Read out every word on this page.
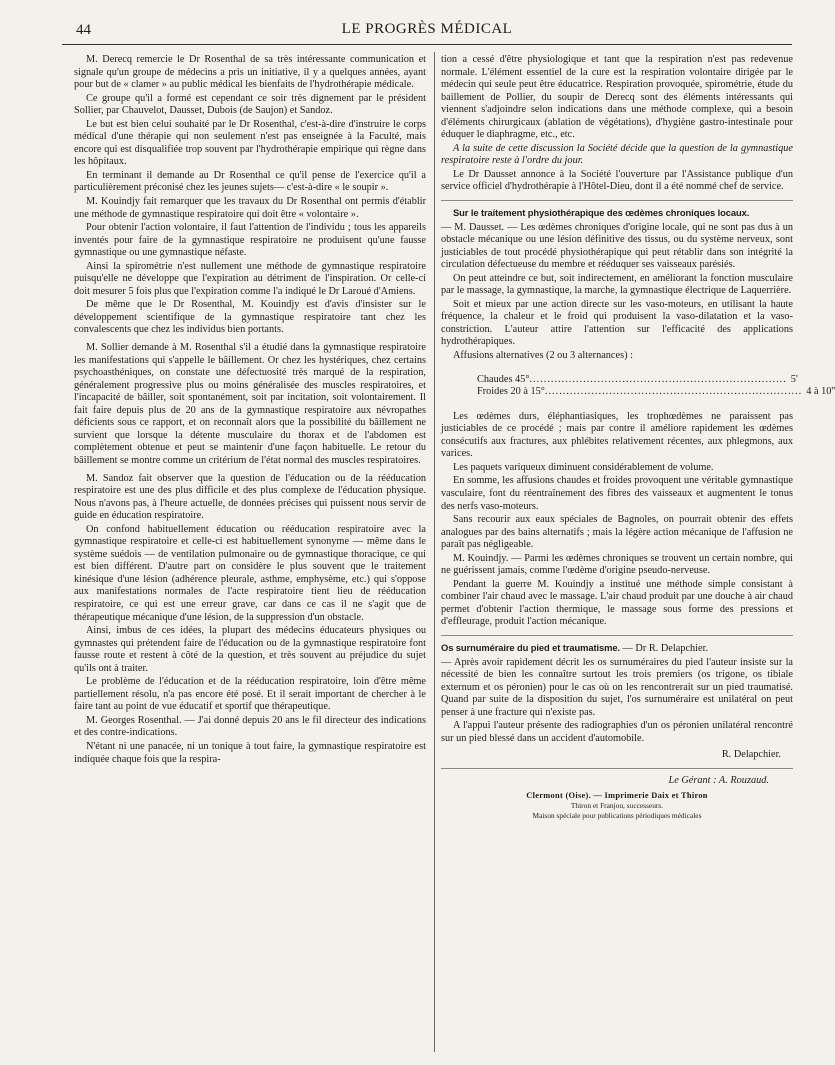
44	LE PROGRÈS MÉDICAL

M. Derecq remercie le Dr Rosenthal de sa très intéressante communication et signale qu'un groupe de médecins a pris un initiative, il y a quelques années, ayant pour but de « clamer » au public médical les bienfaits de l'hydrothérapie médicale.

Ce groupe qu'il a formé est cependant ce soir très dignement par le président Sollier, par Chauvelot, Dausset, Dubois (de Saujon) et Sandoz.

Le but est bien celui souhaité par le Dr Rosenthal, c'est-à-dire d'instruire le corps médical d'une thérapie qui non seulement n'est pas enseignée à la Faculté, mais encore qui est disqualifiée trop souvent par l'hydrothérapie empirique qui règne dans les hôpitaux.

En terminant il demande au Dr Rosenthal ce qu'il pense de l'exercice qu'il a particulièrement préconisé chez les jeunes sujets— c'est-à-dire « le soupir ».

M. Kouindjy fait remarquer que les travaux du Dr Rosenthal ont permis d'établir une méthode de gymnastique respiratoire qui doit être « volontaire ».

Pour obtenir l'action volontaire, il faut l'attention de l'individu ; tous les appareils inventés pour faire de la gymnastique respiratoire ne produisent qu'une fausse gymnastique ou une gymnastique néfaste.

Ainsi la spirométrie n'est nullement une méthode de gymnastique respiratoire puisqu'elle ne développe que l'expiration au détriment de l'inspiration. Or celle-ci doit mesurer 5 fois plus que l'expiration comme l'a indiqué le Dr Laroué d'Amiens.

De même que le Dr Rosenthal, M. Kouindjy est d'avis d'insister sur le développement scientifique de la gymnastique respiratoire tant chez les convalescents que chez les individus bien portants.

M. Sollier demande à M. Rosenthal s'il a étudié dans la gymnastique respiratoire les manifestations qui s'appelle le bâillement. Or chez les hystériques, chez certains psychoasthéniques, on constate une défectuosité très marqué de la respiration, généralement progressive plus ou moins généralisée des muscles respiratoires, et l'incapacité de bâiller, soit spontanément, soit par incitation, soit volontairement. Il fait faire depuis plus de 20 ans de la gymnastique respiratoire aux névropathes déficients sous ce rapport, et on reconnaît alors que la possibilité du bâillement ne survient que lorsque la détente musculaire du thorax et de l'abdomen est complètement obtenue et peut se maintenir d'une façon habituelle. Le retour du bâillement se montre comme un critérium de l'état normal des muscles respiratoires.

M. Sandoz fait observer que la question de l'éducation ou de la rééducation respiratoire est une des plus difficile et des plus complexe de l'éducation physique. Nous n'avons pas, à l'heure actuelle, de données précises qui puissent nous servir de guide en éducation respiratoire.

On confond habituellement éducation ou rééducation respiratoire avec la gymnastique respiratoire et celle-ci est habituellement synonyme — même dans le système suédois — de ventilation pulmonaire ou de gymnastique thoracique, ce qui est bien différent. D'autre part on considère le plus souvent que le traitement kinésique d'une lésion (adhérence pleurale, asthme, emphysème, etc.) qui s'oppose aux manifestations normales de l'acte respiratoire tient lieu de rééducation respiratoire, ce qui est une erreur grave, car dans ce cas il ne s'agit que de thérapeutique mécanique d'une lésion, de la suppression d'un obstacle.

Ainsi, imbus de ces idées, la plupart des médecins éducateurs physiques ou gymnastes qui prétendent faire de l'éducation ou de la gymnastique respiratoire font fausse route et restent à côté de la question, et très souvent au préjudice du sujet qu'ils ont à traiter.

Le problème de l'éducation et de la rééducation respiratoire, loin d'être même partiellement résolu, n'a pas encore été posé. Et il serait important de chercher à le faire tant au point de vue éducatif et sportif que thérapeutique.

M. Georges Rosenthal. — J'ai donné depuis 20 ans le fil directeur des indications et des contre-indications.

N'étant ni une panacée, ni un tonique à tout faire, la gymnastique respiratoire est indiquée chaque fois que la respira-

tion a cessé d'être physiologique et tant que la respiration n'est pas redevenue normale. L'élément essentiel de la cure est la respiration volontaire dirigée par le médecin qui seule peut être éducatrice. Respiration provoquée, spirométrie, étude du baillement de Pollier, du soupir de Derecq sont des éléments intéressants qui viennent s'adjoindre selon indications dans une méthode complexe, qui a besoin d'éléments chirurgicaux (ablation de végétations), d'hygiène gastro-intestinale pour éduquer le diaphragme, etc., etc.

A la suite de cette discussion la Société décide que la question de la gymnastique respiratoire reste à l'ordre du jour.

Le Dr Dausset annonce à la Société l'ouverture par l'Assistance publique d'un service officiel d'hydrothérapie à l'Hôtel-Dieu, dont il a été nommé chef de service.

Sur le traitement physiothérapique des œdèmes chroniques locaux.

— M. Dausset. — Les œdèmes chroniques d'origine locale, qui ne sont pas dus à un obstacle mécanique ou une lésion définitive des tissus, ou du système nerveux, sont justiciables de tout procédé physiothérapique qui peut rétablir dans son intégrité la circulation défectueuse du membre et rééduquer ses vaisseaux parésiés.

On peut atteindre ce but, soit indirectement, en améliorant la fonction musculaire par le massage, la gymnastique, la marche, la gymnastique électrique de Laquerrière.

Soit et mieux par une action directe sur les vaso-moteurs, en utilisant la haute fréquence, la chaleur et le froid qui produisent la vaso-dilatation et la vaso-constriction. L'auteur attire l'attention sur l'efficacité des applications hydrothérapiques.

Affusions alternatives (2 ou 3 alternances) :

Chaudes 45° ........................................................................ 5'
Froides 20 à 15° ........................................................................ 4 à 10''

Les œdèmes durs, éléphantiasiques, les trophœdèmes ne paraissent pas justiciables de ce procédé ; mais par contre il améliore rapidement les œdèmes consécutifs aux fractures, aux phlébites relativement récentes, aux phlegmons, aux varices.

Les paquets variqueux diminuent considérablement de volume.

En somme, les affusions chaudes et froides provoquent une véritable gymnastique vasculaire, font du réentraînement des fibres des vaisseaux et augmentent le tonus des nerfs vaso-moteurs.

Sans recourir aux eaux spéciales de Bagnoles, on pourrait obtenir des effets analogues par des bains alternatifs ; mais la légère action mécanique de l'affusion ne paraît pas négligeable.

M. Kouindjy. — Parmi les œdèmes chroniques se trouvent un certain nombre, qui ne guérissent jamais, comme l'œdème d'origine pseudo-nerveuse.

Pendant la guerre M. Kouindjy a institué une méthode simple consistant à combiner l'air chaud avec le massage. L'air chaud produit par une douche à air chaud permet d'obtenir l'action thermique, le massage sous forme des pressions et d'effleurage, produit l'action mécanique.

Os surnuméraire du pied et traumatisme. — Dr R. Delapchier.

— Après avoir rapidement décrit les os surnuméraires du pied l'auteur insiste sur la nécessité de bien les connaître surtout les trois premiers (os trigone, os tibiale externum et os péronien) pour le cas où on les rencontrerait sur un pied traumatisé. Quand par suite de la disposition du sujet, l'os surnuméraire est unilatéral on peut penser à une fracture qui n'existe pas.

A l'appui l'auteur présente des radiographies d'un os péronien unilatéral rencontré sur un pied blessé dans un accident d'automobile.

R. Delapchier.
Le Gérant : A. Rouzaud.
Clermont (Oise). — Imprimerie Daix et Thiron
Thiron et Franjou, successeurs.
Maison spéciale pour publications périodiques médicales
